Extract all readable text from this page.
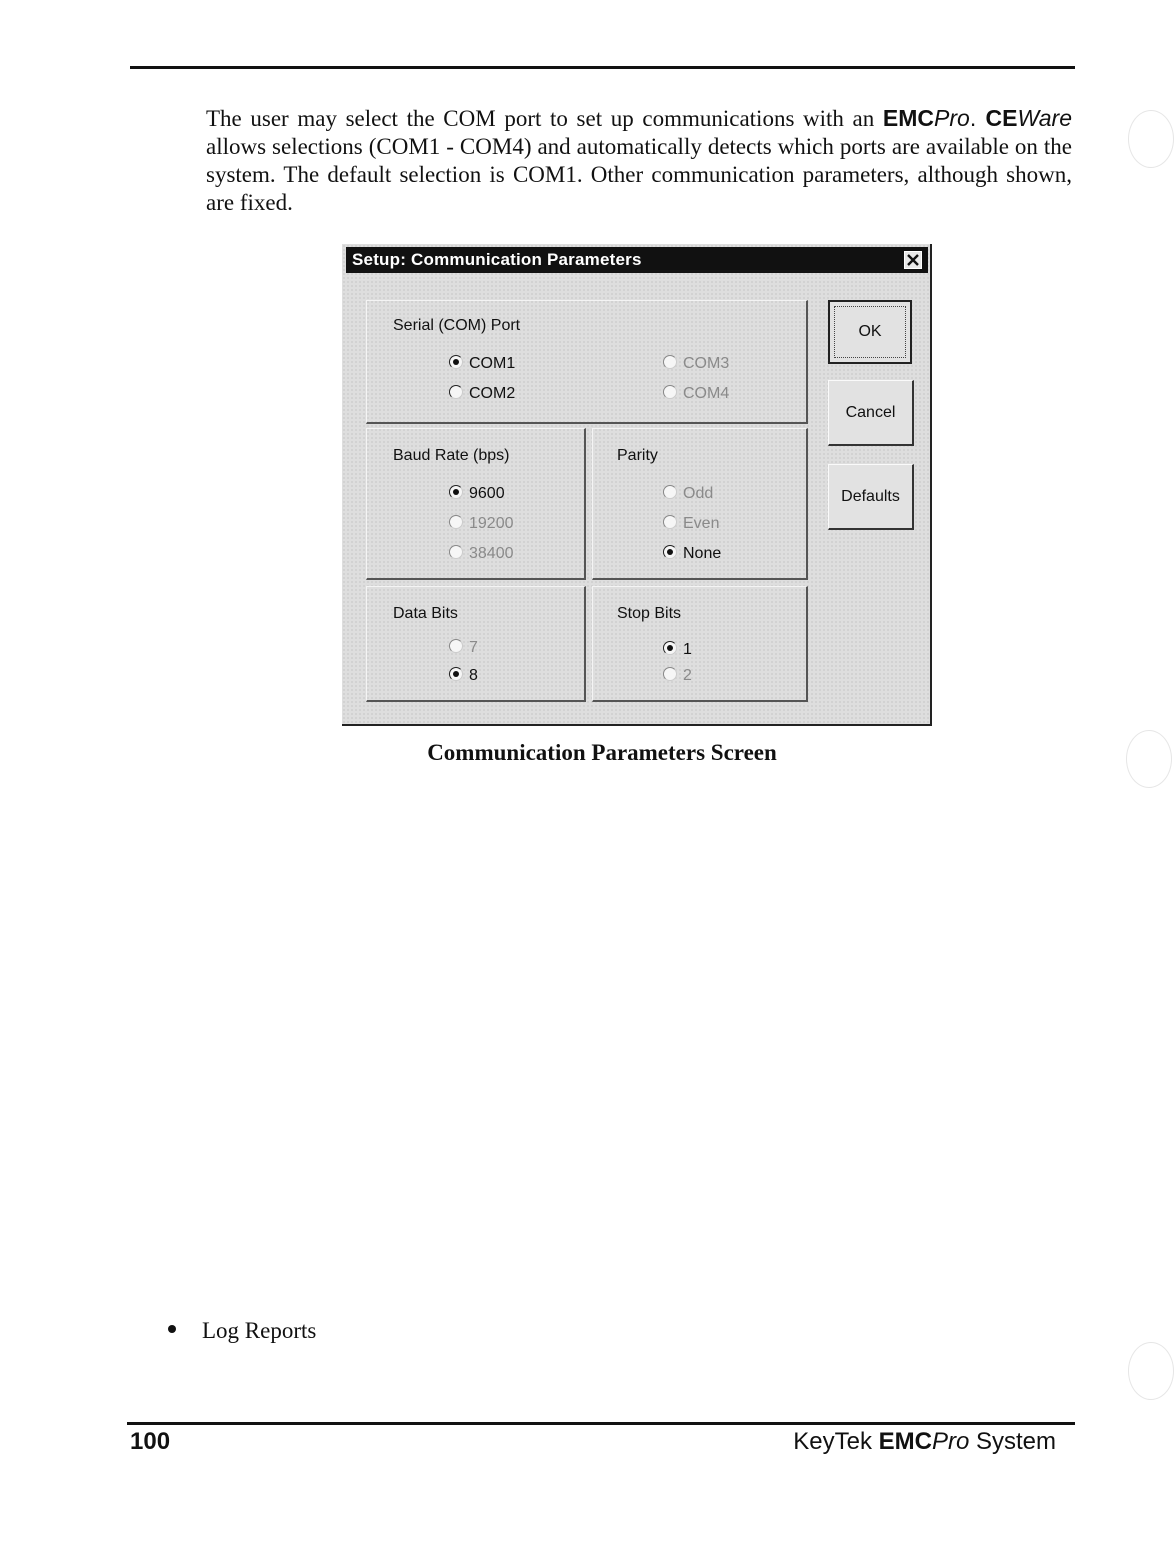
The user may select the COM port to set up communications with an EMCPro. CEWare allows selections (COM1 - COM4) and automatically detects which ports are available on the system. The default selection is COM1. Other communication parameters, although shown, are fixed.

Setup: Communication Parameters
Serial (COM) Port
COM1
COM2
COM3
COM4
Baud Rate (bps)
9600
19200
38400
Parity
Odd
Even
None
Data Bits
7
8
Stop Bits
1
2
OK
Cancel
Defaults
Communication Parameters Screen
Log Reports
100	KeyTek EMCPro System
